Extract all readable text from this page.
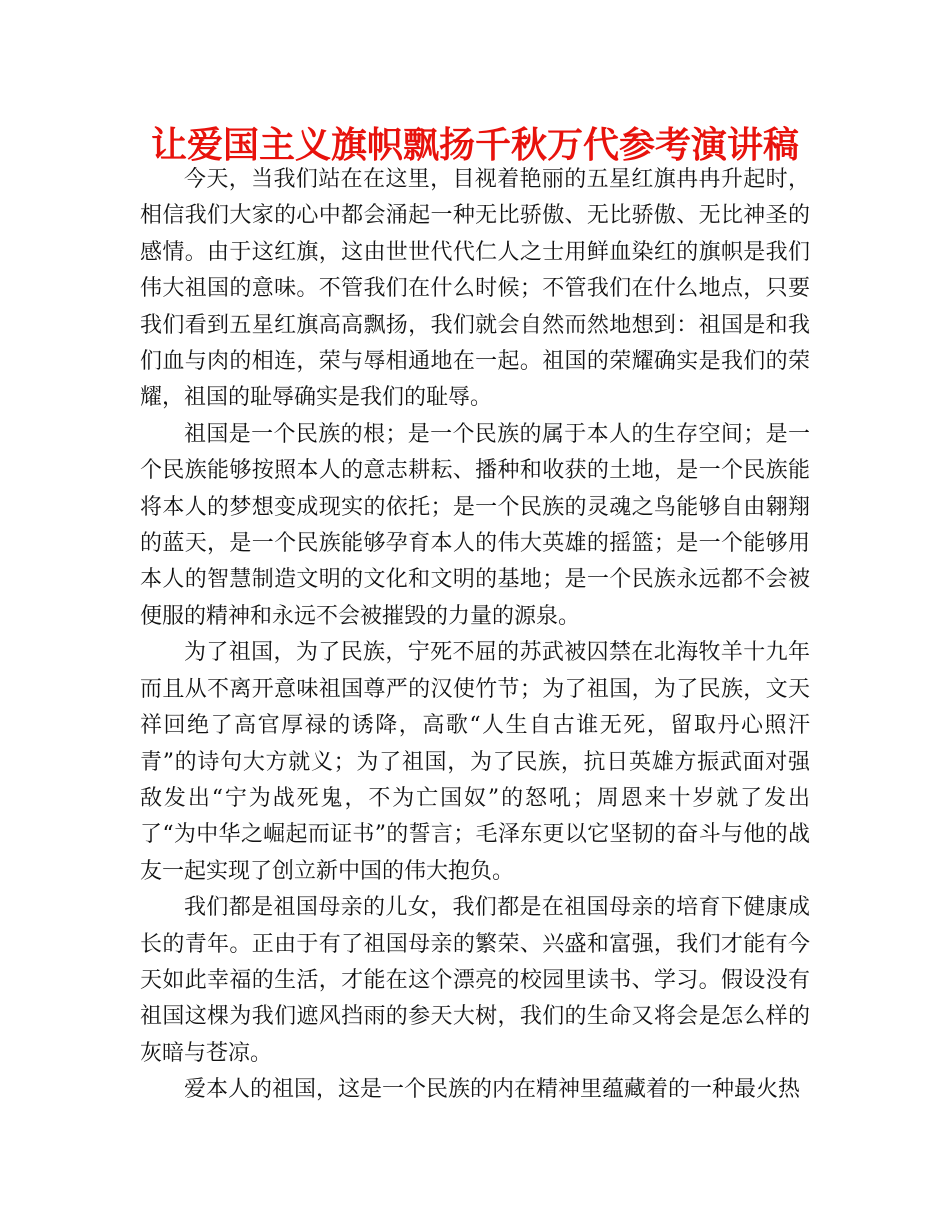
让爱国主义旗帜飘扬千秋万代参考演讲稿

今天，当我们站在在这里，目视着艳丽的五星红旗冉冉升起时，相信我们大家的心中都会涌起一种无比骄傲、无比骄傲、无比神圣的感情。由于这红旗，这由世世代代仁人之士用鲜血染红的旗帜是我们伟大祖国的意味。不管我们在什么时候；不管我们在什么地点，只要我们看到五星红旗高高飘扬，我们就会自然而然地想到：祖国是和我们血与肉的相连，荣与辱相通地在一起。祖国的荣耀确实是我们的荣耀，祖国的耻辱确实是我们的耻辱。

祖国是一个民族的根；是一个民族的属于本人的生存空间；是一个民族能够按照本人的意志耕耘、播种和收获的土地，是一个民族能将本人的梦想变成现实的依托；是一个民族的灵魂之鸟能够自由翱翔的蓝天，是一个民族能够孕育本人的伟大英雄的摇篮；是一个能够用本人的智慧制造文明的文化和文明的基地；是一个民族永远都不会被便服的精神和永远不会被摧毁的力量的源泉。

为了祖国，为了民族，宁死不屈的苏武被囚禁在北海牧羊十九年而且从不离开意味祖国尊严的汉使竹节；为了祖国，为了民族，文天祥回绝了高官厚禄的诱降，高歌“人生自古谁无死，留取丹心照汗青”的诗句大方就义；为了祖国，为了民族，抗日英雄方振武面对强敌发出“宁为战死鬼，不为亡国奴”的怒吼；周恩来十岁就了发出了“为中华之崛起而证书”的誓言；毛泽东更以它坚韧的奋斗与他的战友一起实现了创立新中国的伟大抱负。

我们都是祖国母亲的儿女，我们都是在祖国母亲的培育下健康成长的青年。正由于有了祖国母亲的繁荣、兴盛和富强，我们才能有今天如此幸福的生活，才能在这个漂亮的校园里读书、学习。假设没有祖国这棵为我们遮风挡雨的参天大树，我们的生命又将会是怎么样的灰暗与苍凉。

爱本人的祖国，这是一个民族的内在精神里蕴藏着的一种最火热
